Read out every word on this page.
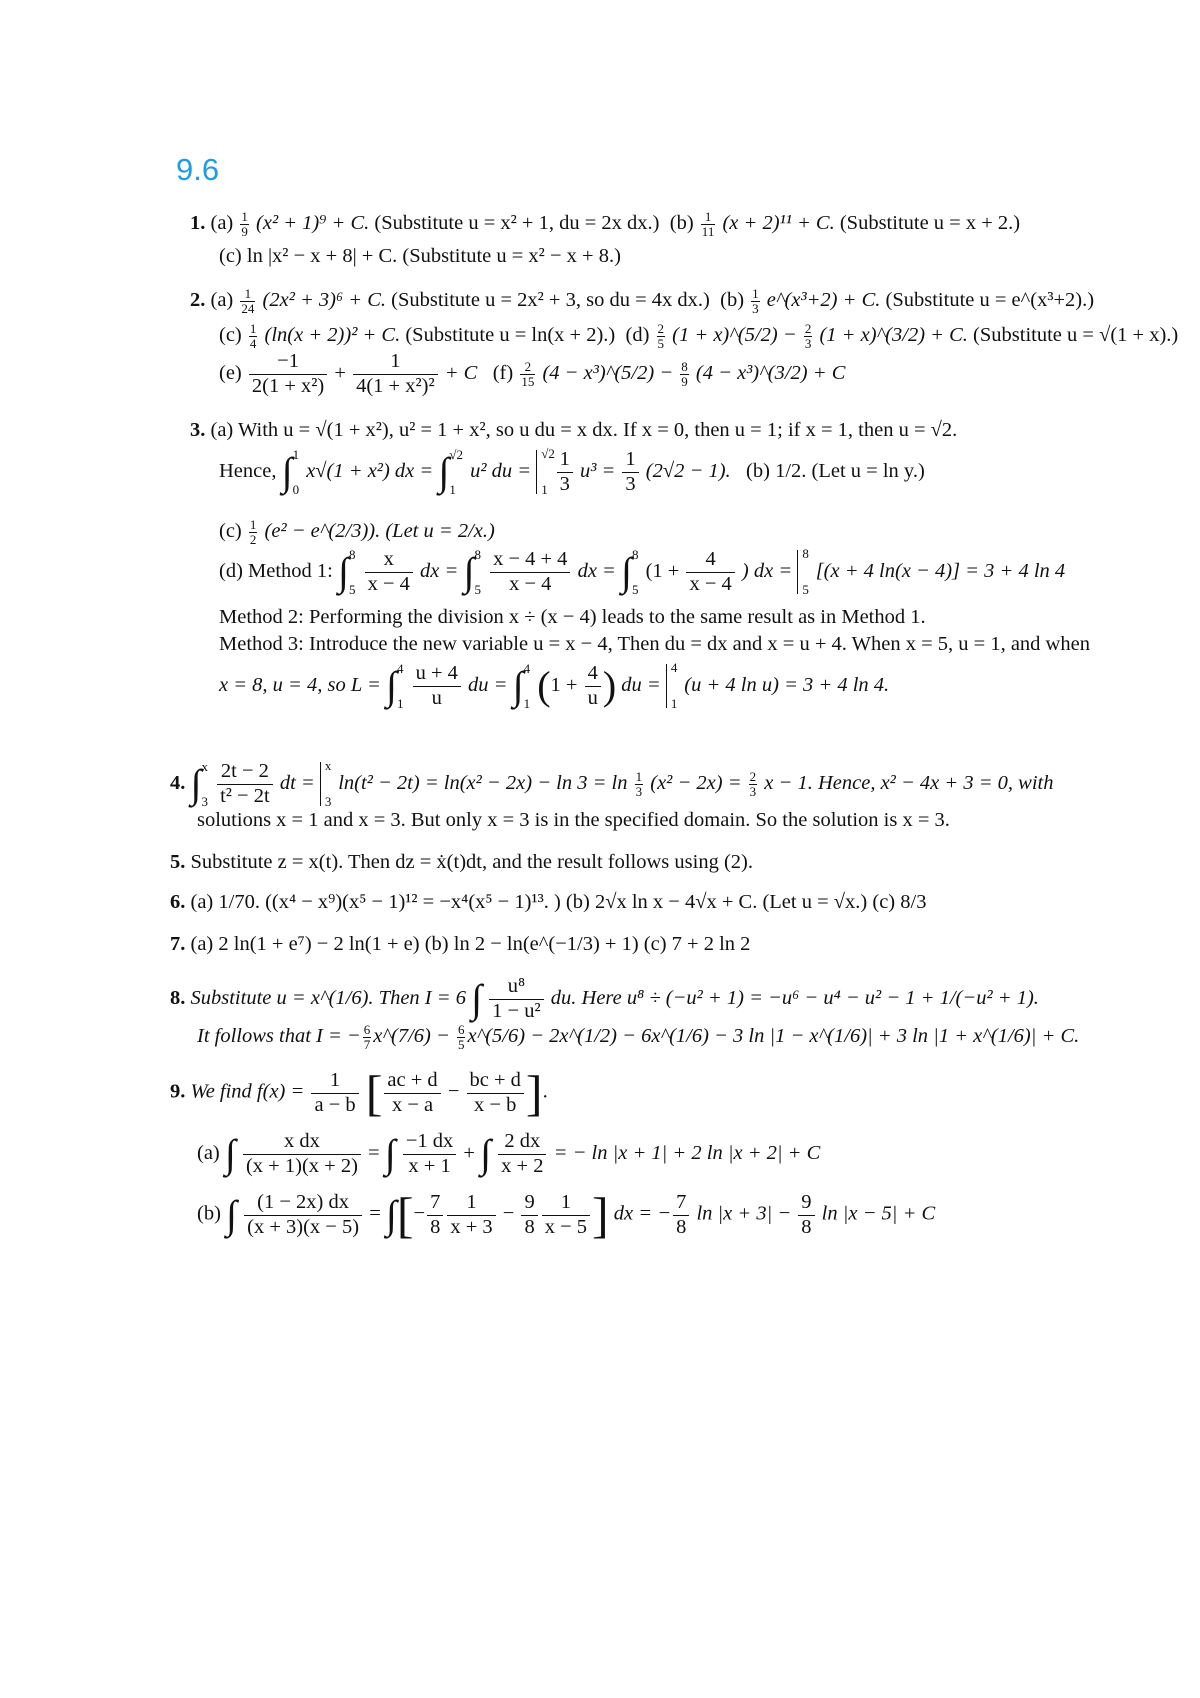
9.6
1. $(a) \frac{1}{9} (x^2 + 1)^9 + C$. (Substitute u = x² + 1, du = 2x dx.) $(b) \frac{1}{11} (x + 2)^{11} + C$. (Substitute u = x + 2.)
(c) ln |x² − x + 8| + C. (Substitute u = x² − x + 8.)
2. $(a) \frac{1}{24} (2x^2 + 3)^6 + C$. (Substitute u = 2x² + 3, so du = 4x dx.) $(b) \frac{1}{3}$ e^(x³+2) + C. (Substitute u = e^(x³+2).)
$(c) \frac{1}{4} (\ln(x + 2))^2 + C$. (Substitute u = ln(x + 2).) $(d) \frac{2}{5} (1$ + x)^(5/2) − $\frac{2}{3} (1$ + x)^(3/2) + C. (Substitute u = √(1 + x).)
$(e) \frac{-1}{\text{2(1 + x²)}} + \frac{1}{\text{4(1 + x²)²}} + C$ $(f) \frac{2}{15} (4$ − x³)^(5/2) − $\frac{8}{9} (4$ − x³)^(3/2) + C
3. (a) With u = √(1 + x²), u² = 1 + x², so u du = x dx. If x = 0, then u = 1; if x = 1, then u = √2.
Hence, ∫ 1
0
x√(1 + x²) dx = ∫ √2
1
u² du =
√2
1
$\frac{1}{3} u^3 = \frac{1}{3} (2√2 - 1)$. (b) 1/2. (Let u = ln y.)
$(c) \frac{1}{2} (e^2$ − e^(2/3)). (Let u = 2/x.)
(d) Method 1: ∫ 8
5
$\frac{x}{x - 4}$ dx = ∫ 8
5
$\frac{x - 4 + 4}{x - 4}$ dx = ∫ 8
5
($1 + \frac{4}{x - 4}$ ) dx =
8
5
[(x + 4 ln(x − 4)] = 3 + 4 ln 4
Method 2: Performing the division x ÷ (x − 4) leads to the same result as in Method 1.
Method 3: Introduce the new variable u = x − 4, Then du = dx and x = u + 4. When x = 5, u = 1, and when
x = 8, u = 4, so L = ∫ 4
1
$\frac{u + 4}{u}$ du = ∫ 4
1 ($1 + \frac{4}{u}$ ) du =
4
1
(u + 4 ln u) = 3 + 4 ln 4.
4. ∫ x
3
$\frac{2t - 2}{\text{t² − 2t}}$ dt =
x
3
$\ln(t^2 - 2t) = \ln(x^2 - 2x) - \ln 3 = \ln \frac{1}{3} (x^2 - 2x) = \frac{2}{3}$ x − 1. Hence, x² − 4x + 3 = 0, with
solutions x = 1 and x = 3. But only x = 3 is in the specified domain. So the solution is x = 3.
5. Substitute z = x(t). Then dz = ẋ(t)dt, and the result follows using (2).
6. (a) 1/70. ((x⁴ − x⁹)(x⁵ − 1)¹² = −x⁴(x⁵ − 1)¹³. ) (b) 2√x ln x − 4√x + C. (Let u = √x.) (c) 8/3
7. (a) 2 ln(1 + e⁷) − 2 ln(1 + e) (b) ln 2 − ln(e^(−1/3) + 1) (c) 7 + 2 ln 2
8. Substitute u = x^(1/6). Then I = 6 ∫ $\frac{\text{u⁸}}{\text{1 − u²}}$ du. Here u⁸ ÷ (−u² + 1) = −u⁶ − u⁴ − u² − 1 + 1/(−u² + 1).
It follows that I = − $\frac{6}{7}$ x^(7/6) − $\frac{6}{5}$ x^(5/6) − 2x^(1/2) − 6x^(1/6) − 3 ln |1 − x^(1/6)| + 3 ln |1 + x^(1/6)| + C.
9. We find $f(x) = \frac{1}{a - b}$ [ $\frac{ac + d}{x - a} - \frac{bc + d}{x - b}$ ].
(a) ∫ $\frac{\text{x dx}}{(x + 1)(x + 2)}$ = ∫ $\frac{-1 dx}{x + 1}$ + ∫ $\frac{2 dx}{x + 2}$ = − ln |x + 1| + 2 ln |x + 2| + C
(b) ∫ $\frac{(1 - 2x) dx}{(x + 3)(x - 5)}$ = ∫[− $\frac{7}{8} \frac{1}{x + 3} - \frac{9}{8} \frac{1}{x - 5}$ ] dx = − $\frac{7}{8}$ $\ln |x + 3| - \frac{9}{8}$ ln |x − 5| + C
